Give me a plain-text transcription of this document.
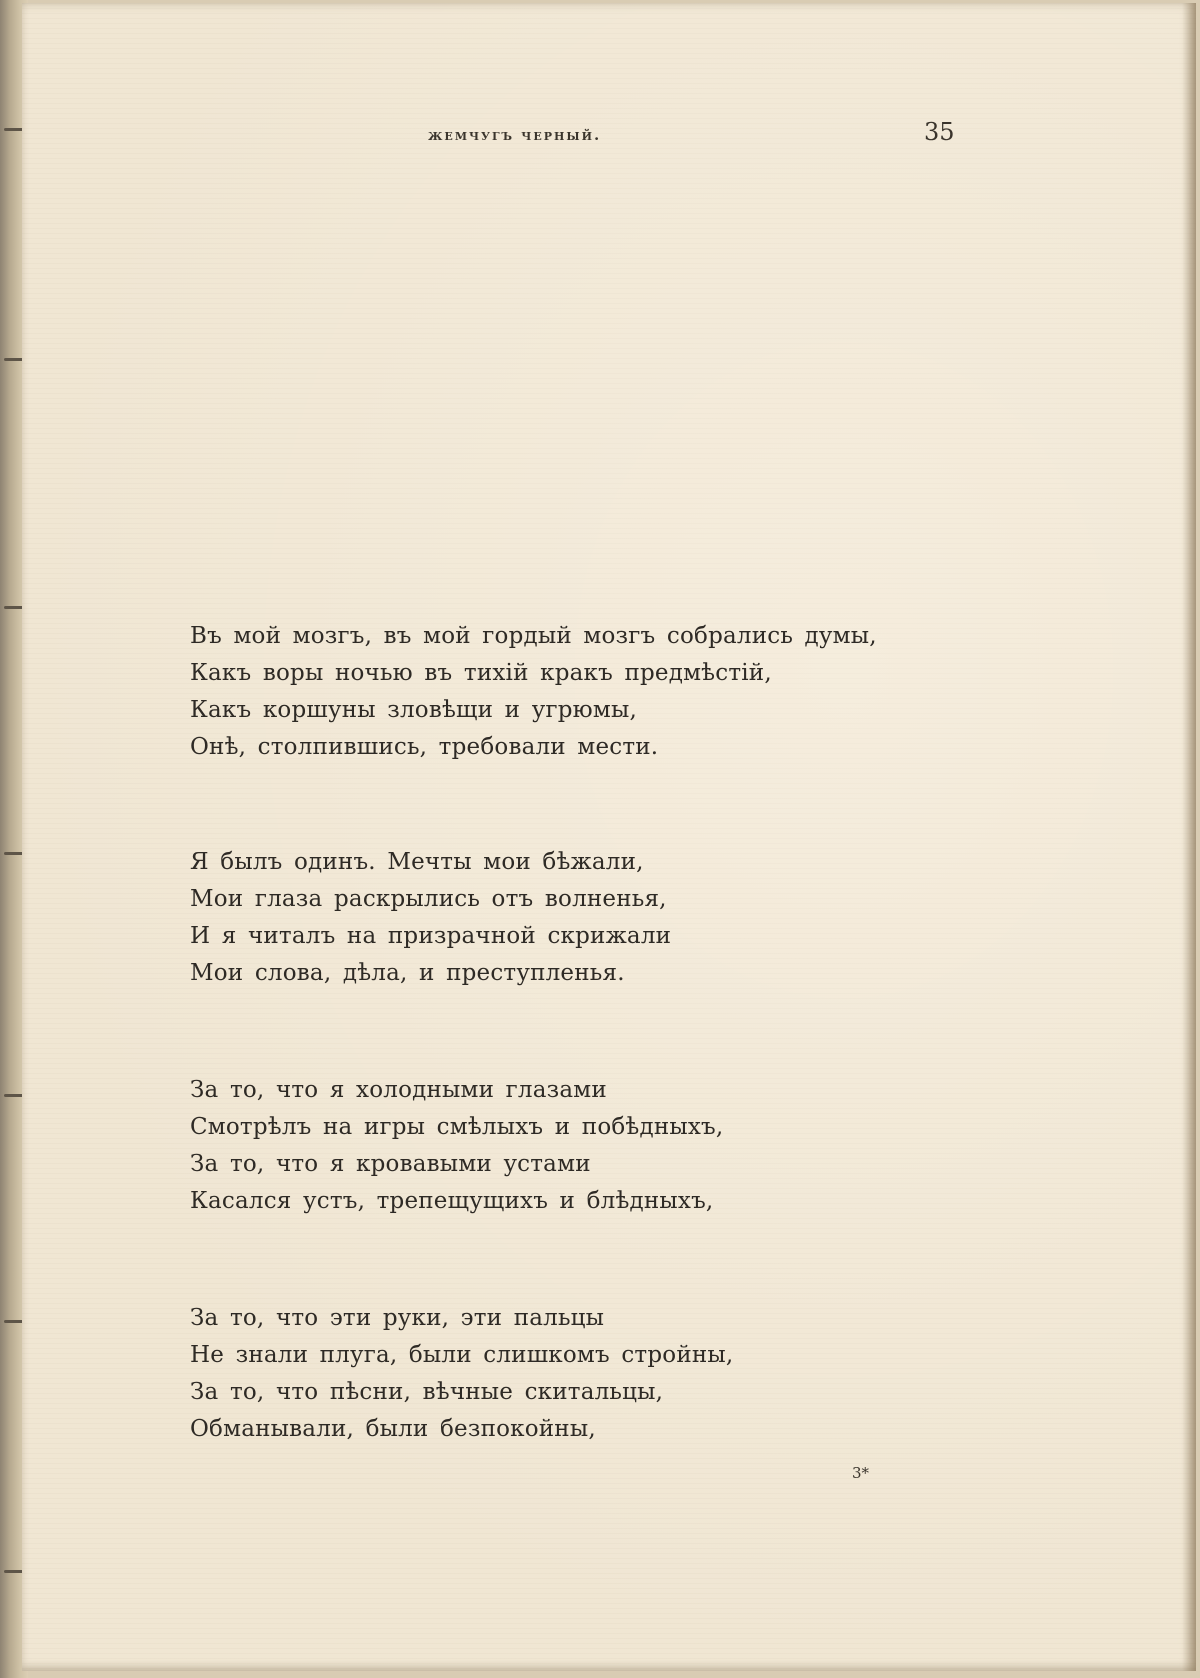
жемчугъ черный.	35
Въ мой мозгъ, въ мой гордый мозгъ собрались думы,
Какъ воры ночью въ тихiй кракъ предмѣстiй,
Какъ коршуны зловѣщи и угрюмы,
Онѣ, столпившись, требовали мести.
Я былъ одинъ. Мечты мои бѣжали,
Мои глаза раскрылись отъ волненья,
И я читалъ на призрачной скрижали
Мои слова, дѣла, и преступленья.
За то, что я холодными глазами
Смотрѣлъ на игры смѣлыхъ и побѣдныхъ,
За то, что я кровавыми устами
Касался устъ, трепещущихъ и блѣдныхъ,
За то, что эти руки, эти пальцы
Не знали плуга, были слишкомъ стройны,
За то, что пѣсни, вѣчные скитальцы,
Обманывали, были безпокойны,
3*
